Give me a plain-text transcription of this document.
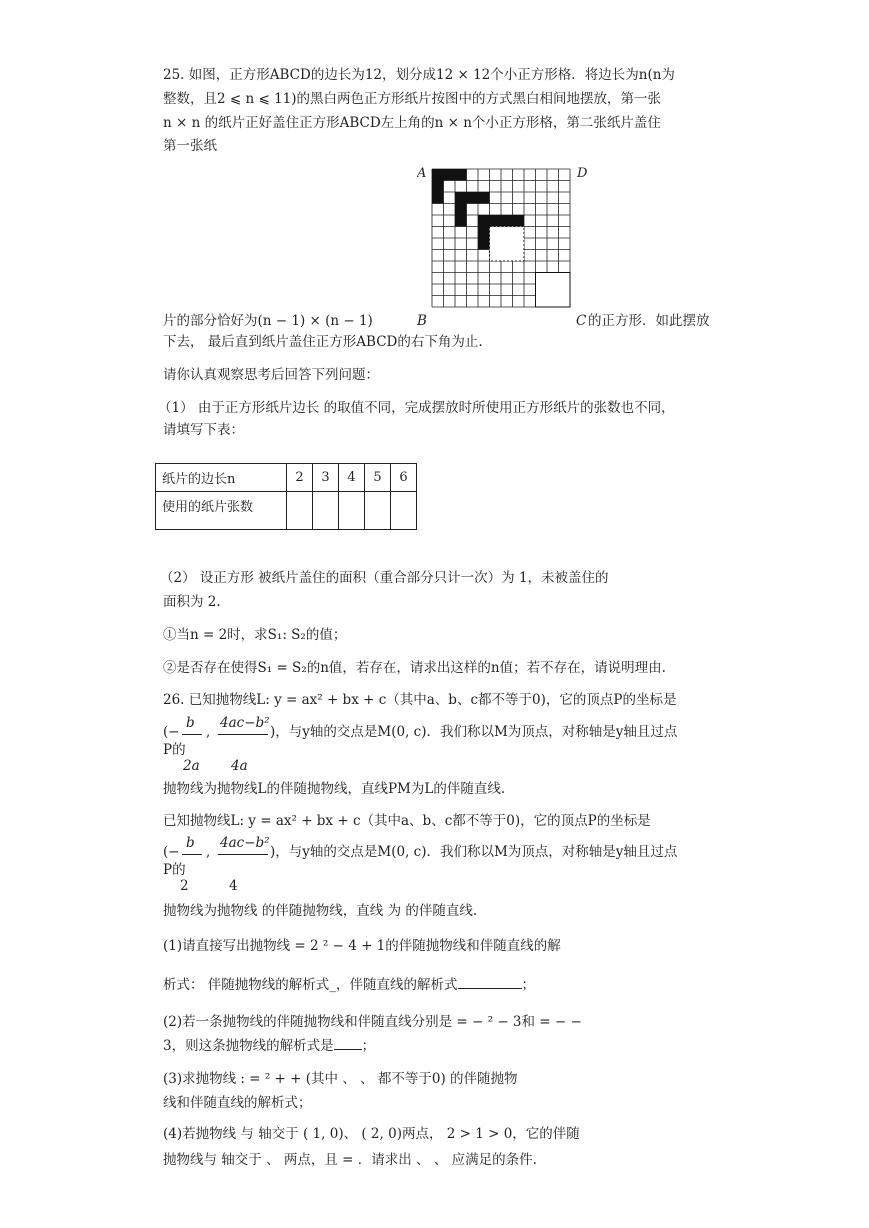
25. 如图，正方形ABCD的边长为12，划分成12 × 12个小正方形格．将边长为n(n为
整数，且2 ⩽ n ⩽ 11)的黑白两色正方形纸片按图中的方式黑白相间地摆放，第一张
n × n 的纸片正好盖住正方形ABCD左上角的n × n个小正方形格，第二张纸片盖住
第一张纸
A	D
片的部分恰好为(n − 1) × (n − 1)	B	C 的正方形．如此摆放
下去， 最后直到纸片盖住正方形ABCD的右下角为止.
请你认真观察思考后回答下列问题：
（1） 由于正方形纸片边长 的取值不同，完成摆放时所使用正方形纸片的张数也不同，
请填写下表：
纸片的边长n	2	3	4	5	6
使用的纸片张数					
（2） 设正方形 被纸片盖住的面积（重合部分只计一次）为 1，未被盖住的
面积为 2.
①当n = 2时，求S₁: S₂的值；
②是否存在使得S₁ = S₂的n值，若存在，请求出这样的n值；若不存在，请说明理由.
26. 已知抛物线L: y = ax² + bx + c（其中a、b、c都不等于0)，它的顶点P的坐标是
(−
b
,
4ac−b²
)，与y轴的交点是M(0, c)．我们称以M为顶点，对称轴是y轴且过点
P的
2a 4a
抛物线为抛物线L的伴随抛物线，直线PM为L的伴随直线.
已知抛物线L: y = ax² + bx + c（其中a、b、c都不等于0)，它的顶点P的坐标是
(−
b
,
4ac−b²
)，与y轴的交点是M(0, c)．我们称以M为顶点，对称轴是y轴且过点
P的
2	4
抛物线为抛物线 的伴随抛物线，直线 为 的伴随直线.
(1)请直接写出抛物线 = 2 ² − 4 + 1的伴随抛物线和伴随直线的解
析式： 伴随抛物线的解析式_，伴随直线的解析式	；
(2)若一条抛物线的伴随抛物线和伴随直线分别是 = − ² − 3和 = − −
3，则这条抛物线的解析式是 ；
(3)求抛物线 : = ² + + (其中 、 、 都不等于0) 的伴随抛物
线和伴随直线的解析式；
(4)若抛物线 与 轴交于 ( 1, 0)、 ( 2, 0)两点， 2 > 1 > 0，它的伴随
抛物线与 轴交于 、 两点，且 = ．请求出 、 、 应满足的条件.
